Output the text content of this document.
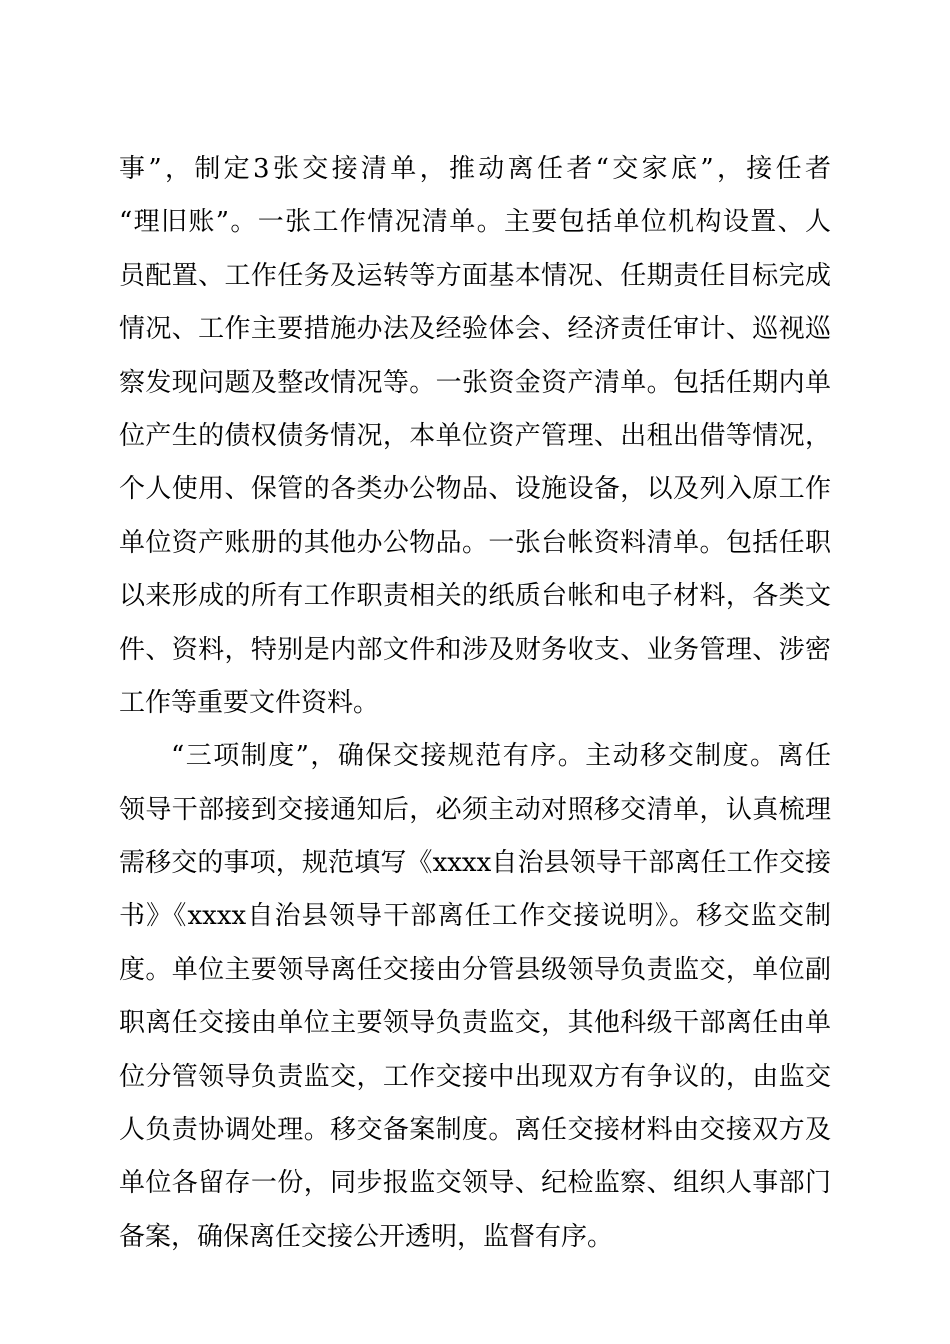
事”，制定3张交接清单，推动离任者“交家底”，接任者
“理旧账”。一张工作情况清单。主要包括单位机构设置、人
员配置、工作任务及运转等方面基本情况、任期责任目标完成
情况、工作主要措施办法及经验体会、经济责任审计、巡视巡
察发现问题及整改情况等。一张资金资产清单。包括任期内单
位产生的债权债务情况，本单位资产管理、出租出借等情况，
个人使用、保管的各类办公物品、设施设备，以及列入原工作
单位资产账册的其他办公物品。一张台帐资料清单。包括任职
以来形成的所有工作职责相关的纸质台帐和电子材料，各类文
件、资料，特别是内部文件和涉及财务收支、业务管理、涉密
工作等重要文件资料。
“三项制度”，确保交接规范有序。主动移交制度。离任
领导干部接到交接通知后，必须主动对照移交清单，认真梳理
需移交的事项，规范填写《xxxx自治县领导干部离任工作交接
书》《xxxx自治县领导干部离任工作交接说明》。移交监交制
度。单位主要领导离任交接由分管县级领导负责监交，单位副
职离任交接由单位主要领导负责监交，其他科级干部离任由单
位分管领导负责监交，工作交接中出现双方有争议的，由监交
人负责协调处理。移交备案制度。离任交接材料由交接双方及
单位各留存一份，同步报监交领导、纪检监察、组织人事部门
备案，确保离任交接公开透明，监督有序。
